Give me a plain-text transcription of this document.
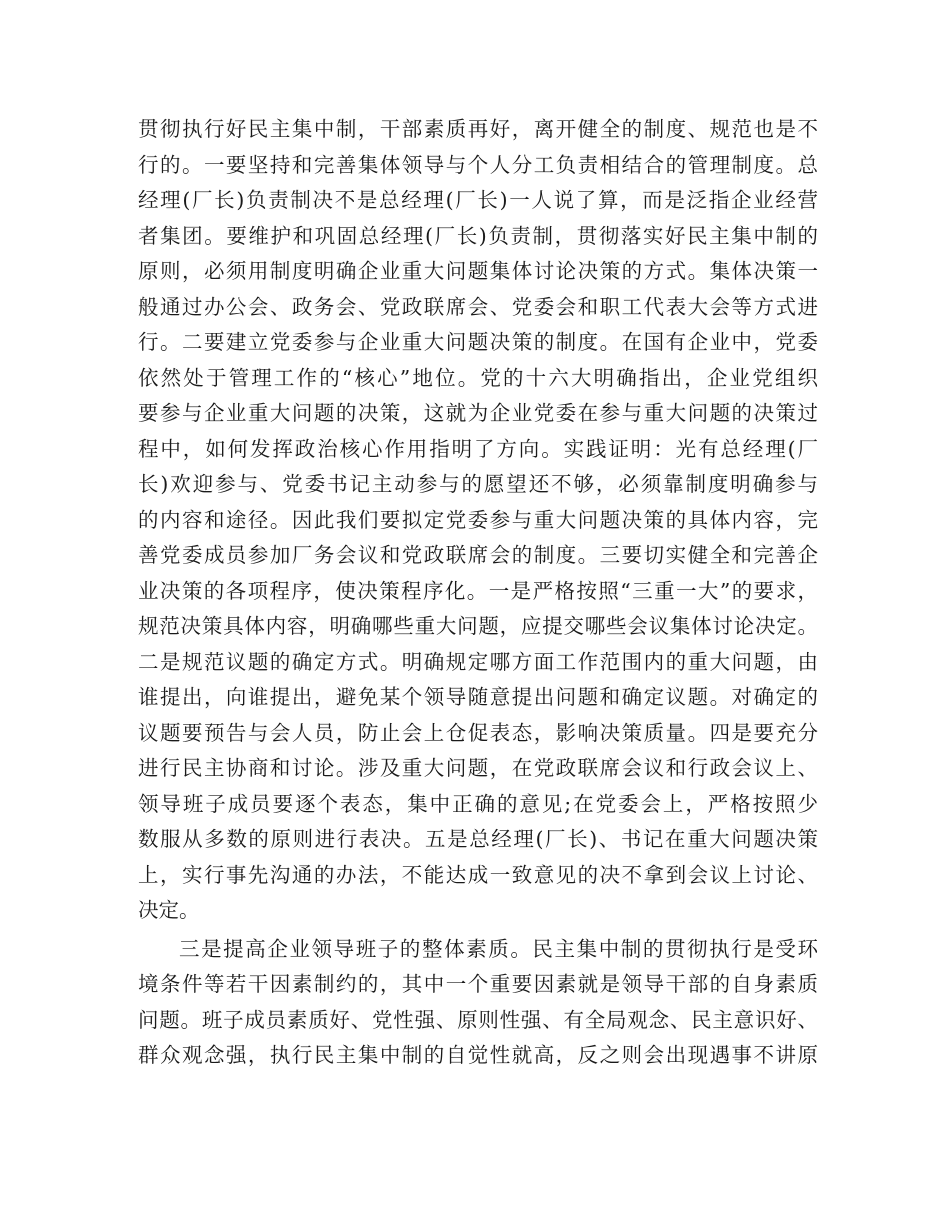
贯彻执行好民主集中制，干部素质再好，离开健全的制度、规范也是不
行的。一要坚持和完善集体领导与个人分工负责相结合的管理制度。总
经理(厂长)负责制决不是总经理(厂长)一人说了算，而是泛指企业经营
者集团。要维护和巩固总经理(厂长)负责制，贯彻落实好民主集中制的
原则，必须用制度明确企业重大问题集体讨论决策的方式。集体决策一
般通过办公会、政务会、党政联席会、党委会和职工代表大会等方式进
行。二要建立党委参与企业重大问题决策的制度。在国有企业中，党委
依然处于管理工作的“核心”地位。党的十六大明确指出，企业党组织
要参与企业重大问题的决策，这就为企业党委在参与重大问题的决策过
程中，如何发挥政治核心作用指明了方向。实践证明：光有总经理(厂
长)欢迎参与、党委书记主动参与的愿望还不够，必须靠制度明确参与
的内容和途径。因此我们要拟定党委参与重大问题决策的具体内容，完
善党委成员参加厂务会议和党政联席会的制度。三要切实健全和完善企
业决策的各项程序，使决策程序化。一是严格按照“三重一大”的要求，
规范决策具体内容，明确哪些重大问题，应提交哪些会议集体讨论决定。
二是规范议题的确定方式。明确规定哪方面工作范围内的重大问题，由
谁提出，向谁提出，避免某个领导随意提出问题和确定议题。对确定的
议题要预告与会人员，防止会上仓促表态，影响决策质量。四是要充分
进行民主协商和讨论。涉及重大问题，在党政联席会议和行政会议上、
领导班子成员要逐个表态，集中正确的意见;在党委会上，严格按照少
数服从多数的原则进行表决。五是总经理(厂长)、书记在重大问题决策
上，实行事先沟通的办法，不能达成一致意见的决不拿到会议上讨论、
决定。
三是提高企业领导班子的整体素质。民主集中制的贯彻执行是受环
境条件等若干因素制约的，其中一个重要因素就是领导干部的自身素质
问题。班子成员素质好、党性强、原则性强、有全局观念、民主意识好、
群众观念强，执行民主集中制的自觉性就高，反之则会出现遇事不讲原
